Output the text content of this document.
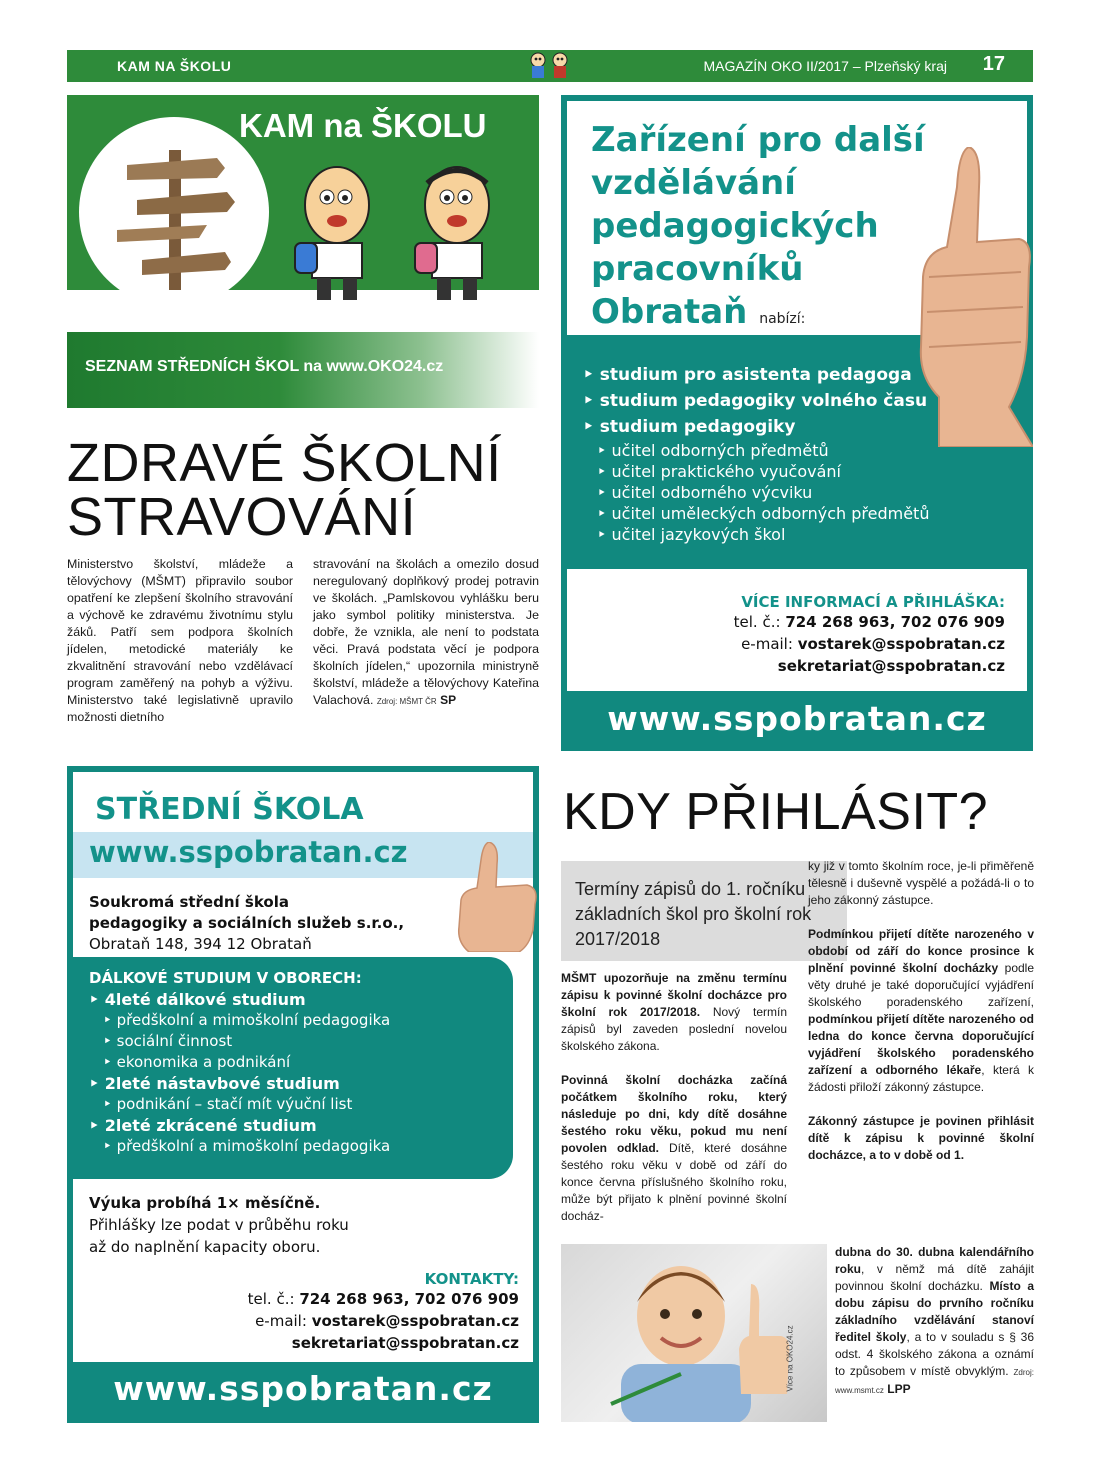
KAM NA ŠKOLU	MAGAZÍN OKO II/2017 – Plzeňský kraj	17
KAM na ŠKOLU
SEZNAM STŘEDNÍCH ŠKOL na www.OKO24.cz
ZDRAVÉ ŠKOLNÍ
STRAVOVÁNÍ
Ministerstvo školství, mládeže a tělovýchovy (MŠMT) připravilo soubor opatření ke zlepšení školního stravování a výchově ke zdravému životnímu stylu žáků. Patří sem podpora školních jídelen, metodické materiály ke zkvalitnění stravování nebo vzdělávací program zaměřený na pohyb a výživu. Ministerstvo také legislativně upravilo možnosti dietního
stravování na školách a omezilo dosud neregulovaný doplňkový prodej potravin ve školách. „Pamlskovou vyhlášku beru jako symbol politiky ministerstva. Je dobře, že vznikla, ale není to podstata věci. Pravá podstata věcí je podpora školních jídelen,“ upozornila ministryně školství, mládeže a tělovýchovy Kateřina Valachová. Zdroj: MŠMT ČR SP
Zařízení pro další
vzdělávání
pedagogických
pracovníků
Obrataň nabízí:
‣ studium pro asistenta pedagoga
‣ studium pedagogiky volného času
‣ studium pedagogiky
‣ učitel odborných předmětů
‣ učitel praktického vyučování
‣ učitel odborného výcviku
‣ učitel uměleckých odborných předmětů
‣ učitel jazykových škol
VÍCE INFORMACÍ A PŘIHLÁŠKA:
tel. č.: 724 268 963, 702 076 909
e-mail: vostarek@sspobratan.cz
sekretariat@sspobratan.cz
www.sspobratan.cz
STŘEDNÍ ŠKOLA
www.sspobratan.cz
Soukromá střední škola
pedagogiky a sociálních služeb s.r.o.,
Obrataň 148, 394 12 Obrataň
DÁLKOVÉ STUDIUM V OBORECH:
‣ 4leté dálkové studium
‣ předškolní a mimoškolní pedagogika
‣ sociální činnost
‣ ekonomika a podnikání
‣ 2leté nástavbové studium
‣ podnikání – stačí mít výuční list
‣ 2leté zkrácené studium
‣ předškolní a mimoškolní pedagogika
Výuka probíhá 1× měsíčně.
Přihlášky lze podat v průběhu roku
až do naplnění kapacity oboru.
KONTAKTY:
tel. č.: 724 268 963, 702 076 909
e-mail: vostarek@sspobratan.cz
sekretariat@sspobratan.cz
www.sspobratan.cz
KDY PŘIHLÁSIT?
Termíny zápisů do 1. ročníku základních škol pro školní rok 2017/2018

MŠMT upozorňuje na změnu termínu zápisu k povinné školní docházce pro školní rok 2017/2018. Nový termín zápisů byl zaveden poslední novelou školského zákona.

Povinná školní docházka začíná počátkem školního roku, který následuje po dni, kdy dítě dosáhne šestého roku věku, pokud mu není povolen odklad. Dítě, které dosáhne šestého roku věku v době od září do konce června příslušného školního roku, může být přijato k plnění povinné školní docház-

ky již v tomto školním roce, je-li přiměřeně tělesně i duševně vyspělé a požádá-li o to jeho zákonný zástupce.

Podmínkou přijetí dítěte narozeného v období od září do konce prosince k plnění povinné školní docházky podle věty druhé je také doporučující vyjádření školského poradenského zařízení, podmínkou přijetí dítěte narozeného od ledna do konce června doporučující vyjádření školského poradenského zařízení a odborného lékaře, která k žádosti přiloží zákonný zástupce.

Zákonný zástupce je povinen přihlásit dítě k zápisu k povinné školní docházce, a to v době od 1.

dubna do 30. dubna kalendářního roku, v němž má dítě zahájit povinnou školní docházku. Místo a dobu zápisu do prvního ročníku základního vzdělávání stanoví ředitel školy, a to v souladu s § 36 odst. 4 školského zákona a oznámí to způsobem v místě obvyklým. Zdroj: www.msmt.cz LPP

Více na OKO24.cz
